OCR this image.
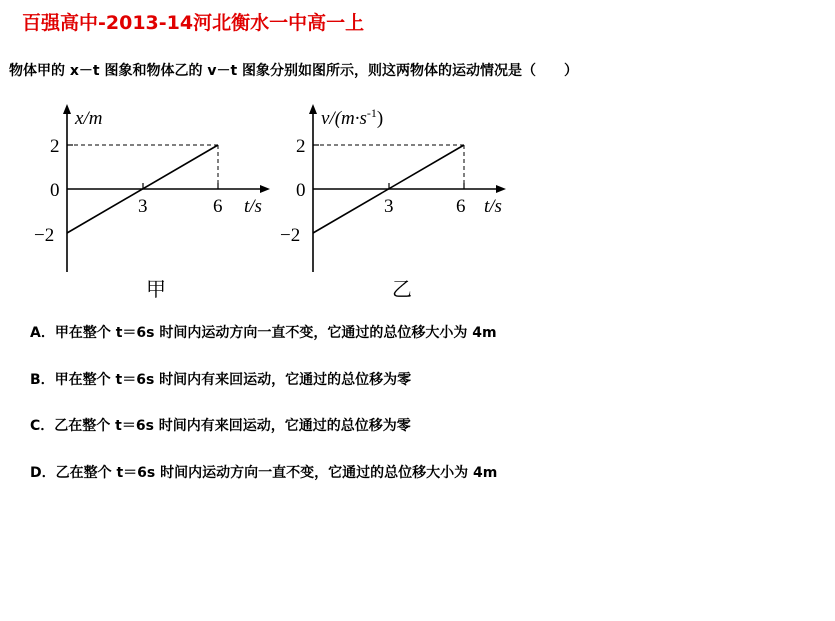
百强高中-2013-14河北衡水一中高一上
物体甲的 x－t 图象和物体乙的 v－t 图象分别如图所示，则这两物体的运动情况是（　　）
x/m
2
0
−2
3	6 t/s
甲
$v/(m\cdot s^{-1})$
2
0
−2
3	6 t/s
乙
A．甲在整个 t＝6s 时间内运动方向一直不变，它通过的总位移大小为 4m
B．甲在整个 t＝6s 时间内有来回运动，它通过的总位移为零
C．乙在整个 t＝6s 时间内有来回运动，它通过的总位移为零
D．乙在整个 t＝6s 时间内运动方向一直不变，它通过的总位移大小为 4m
